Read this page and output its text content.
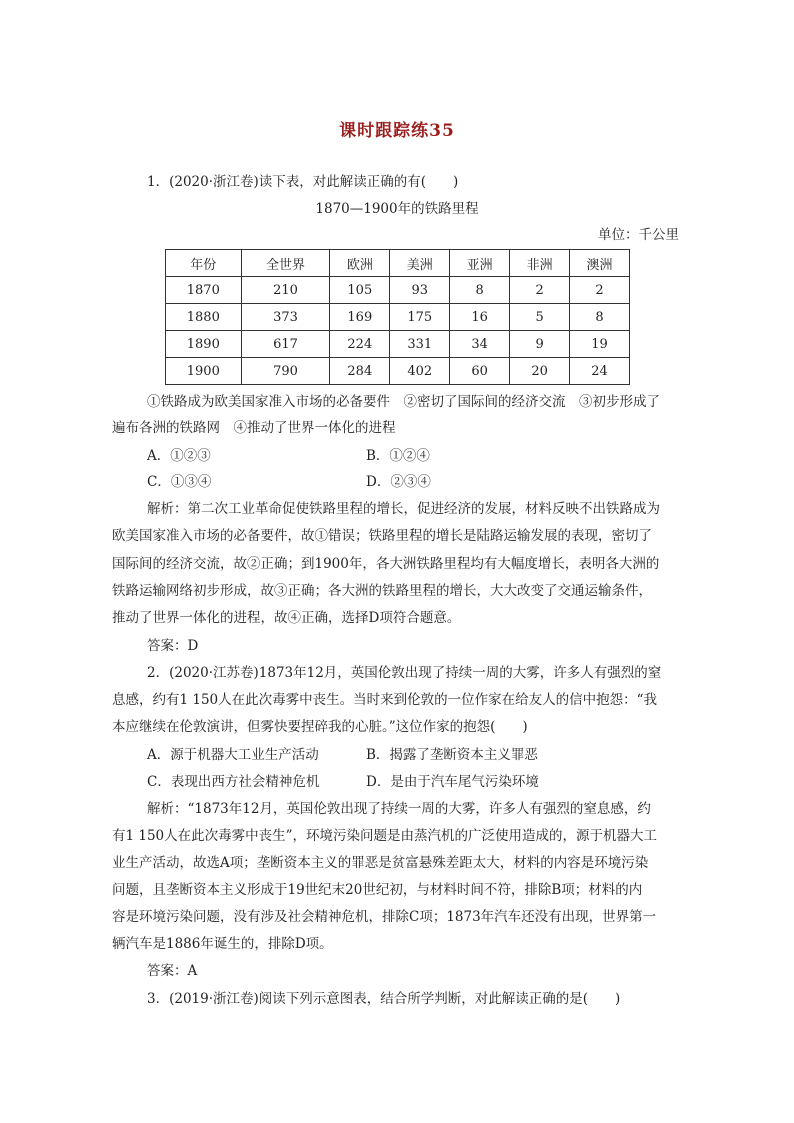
课时跟踪练35
1．(2020·浙江卷)读下表，对此解读正确的有(　　)
1870—1900年的铁路里程
单位：千公里
年份	全世界	欧洲	美洲	亚洲	非洲	澳洲
1870	210	105	93	8	2	2
1880	373	169	175	16	5	8
1890	617	224	331	34	9	19
1900	790	284	402	60	20	24
①铁路成为欧美国家准入市场的必备要件　②密切了国际间的经济交流　③初步形成了
遍布各洲的铁路网　④推动了世界一体化的进程
A．①②③	B．①②④
C．①③④	D．②③④
解析：第二次工业革命促使铁路里程的增长，促进经济的发展，材料反映不出铁路成为
欧美国家准入市场的必备要件，故①错误；铁路里程的增长是陆路运输发展的表现，密切了
国际间的经济交流，故②正确；到1900年，各大洲铁路里程均有大幅度增长，表明各大洲的
铁路运输网络初步形成，故③正确；各大洲的铁路里程的增长，大大改变了交通运输条件，
推动了世界一体化的进程，故④正确，选择D项符合题意。
答案：D
2．(2020·江苏卷)1873年12月，英国伦敦出现了持续一周的大雾，许多人有强烈的窒
息感，约有1 150人在此次毒雾中丧生。当时来到伦敦的一位作家在给友人的信中抱怨：“我
本应继续在伦敦演讲，但雾快要捏碎我的心脏。”这位作家的抱怨(　　)
A．源于机器大工业生产活动	B．揭露了垄断资本主义罪恶
C．表现出西方社会精神危机	D．是由于汽车尾气污染环境
解析：“1873年12月，英国伦敦出现了持续一周的大雾，许多人有强烈的窒息感，约
有1 150人在此次毒雾中丧生”，环境污染问题是由蒸汽机的广泛使用造成的，源于机器大工
业生产活动，故选A项；垄断资本主义的罪恶是贫富悬殊差距太大，材料的内容是环境污染
问题，且垄断资本主义形成于19世纪末20世纪初，与材料时间不符，排除B项；材料的内
容是环境污染问题，没有涉及社会精神危机，排除C项；1873年汽车还没有出现，世界第一
辆汽车是1886年诞生的，排除D项。
答案：A
3．(2019·浙江卷)阅读下列示意图表，结合所学判断，对此解读正确的是(　　)
